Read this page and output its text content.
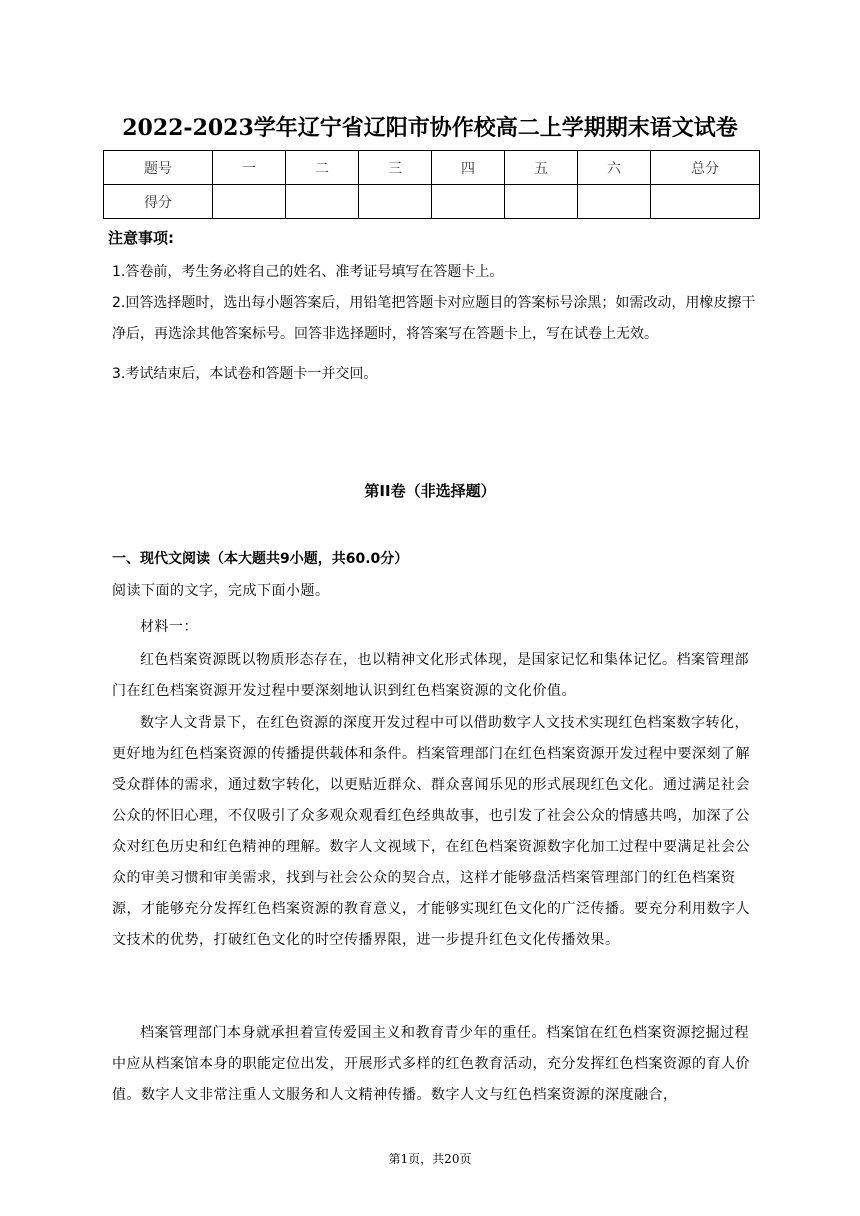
2022-2023学年辽宁省辽阳市协作校高二上学期期末语文试卷
题号	一	二	三	四	五	六	总分
得分							
注意事项:
1.答卷前，考生务必将自己的姓名、准考证号填写在答题卡上。
2.回答选择题时，选出每小题答案后，用铅笔把答题卡对应题目的答案标号涂黑；如需改动，用橡皮擦干净后，再选涂其他答案标号。回答非选择题时，将答案写在答题卡上，写在试卷上无效。
3.考试结束后，本试卷和答题卡一并交回。
第II卷（非选择题）
一、现代文阅读（本大题共9小题，共60.0分）
阅读下面的文字，完成下面小题。
材料一：
红色档案资源既以物质形态存在，也以精神文化形式体现，是国家记忆和集体记忆。档案管理部门在红色档案资源开发过程中要深刻地认识到红色档案资源的文化价值。
数字人文背景下，在红色资源的深度开发过程中可以借助数字人文技术实现红色档案数字转化，更好地为红色档案资源的传播提供载体和条件。档案管理部门在红色档案资源开发过程中要深刻了解受众群体的需求，通过数字转化，以更贴近群众、群众喜闻乐见的形式展现红色文化。通过满足社会公众的怀旧心理，不仅吸引了众多观众观看红色经典故事，也引发了社会公众的情感共鸣，加深了公众对红色历史和红色精神的理解。数字人文视域下，在红色档案资源数字化加工过程中要满足社会公众的审美习惯和审美需求，找到与社会公众的契合点，这样才能够盘活档案管理部门的红色档案资源，才能够充分发挥红色档案资源的教育意义，才能够实现红色文化的广泛传播。要充分利用数字人文技术的优势，打破红色文化的时空传播界限，进一步提升红色文化传播效果。
档案管理部门本身就承担着宣传爱国主义和教育青少年的重任。档案馆在红色档案资源挖掘过程中应从档案馆本身的职能定位出发，开展形式多样的红色教育活动，充分发挥红色档案资源的育人价值。数字人文非常注重人文服务和人文精神传播。数字人文与红色档案资源的深度融合，
第1页，共20页
